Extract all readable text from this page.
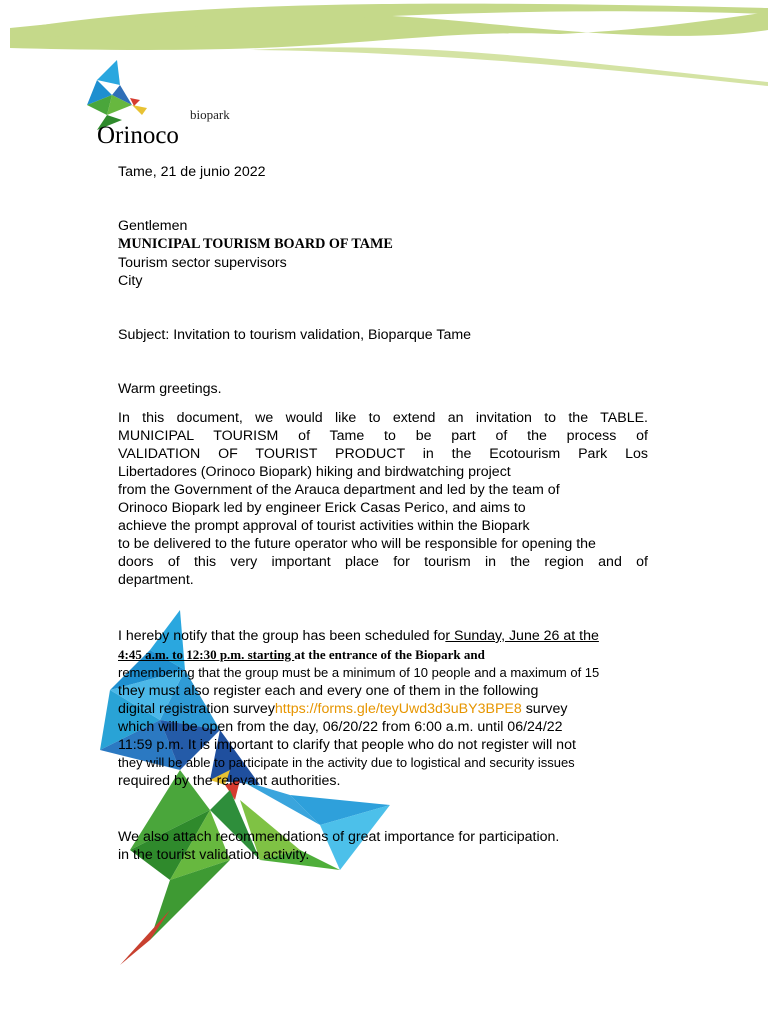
biopark
Orinoco
Tame, 21 de junio 2022
Gentlemen
MUNICIPAL TOURISM BOARD OF TAME
Tourism sector supervisors
City
Subject: Invitation to tourism validation, Bioparque Tame
Warm greetings.
In this document, we would like to extend an invitation to the TABLE.
MUNICIPAL TOURISM of Tame to be part of the process of
VALIDATION OF TOURIST PRODUCT in the Ecotourism Park Los
Libertadores (Orinoco Biopark) hiking and birdwatching project
from the Government of the Arauca department and led by the team of
Orinoco Biopark led by engineer Erick Casas Perico, and aims to
achieve the prompt approval of tourist activities within the Biopark
to be delivered to the future operator who will be responsible for opening the
doors of this very important place for tourism in the region and of
department.
I hereby notify that the group has been scheduled for Sunday, June 26 at the
4:45 a.m. to 12:30 p.m. starting at the entrance of the Biopark and
remembering that the group must be a minimum of 10 people and a maximum of 15
they must also register each and every one of them in the following
digital registration surveyhttps://forms.gle/teyUwd3d3uBY3BPE8 survey
which will be open from the day, 06/20/22 from 6:00 a.m. until 06/24/22
11:59 p.m. It is important to clarify that people who do not register will not
they will be able to participate in the activity due to logistical and security issues
required by the relevant authorities.
We also attach recommendations of great importance for participation.
in the tourist validation activity.
